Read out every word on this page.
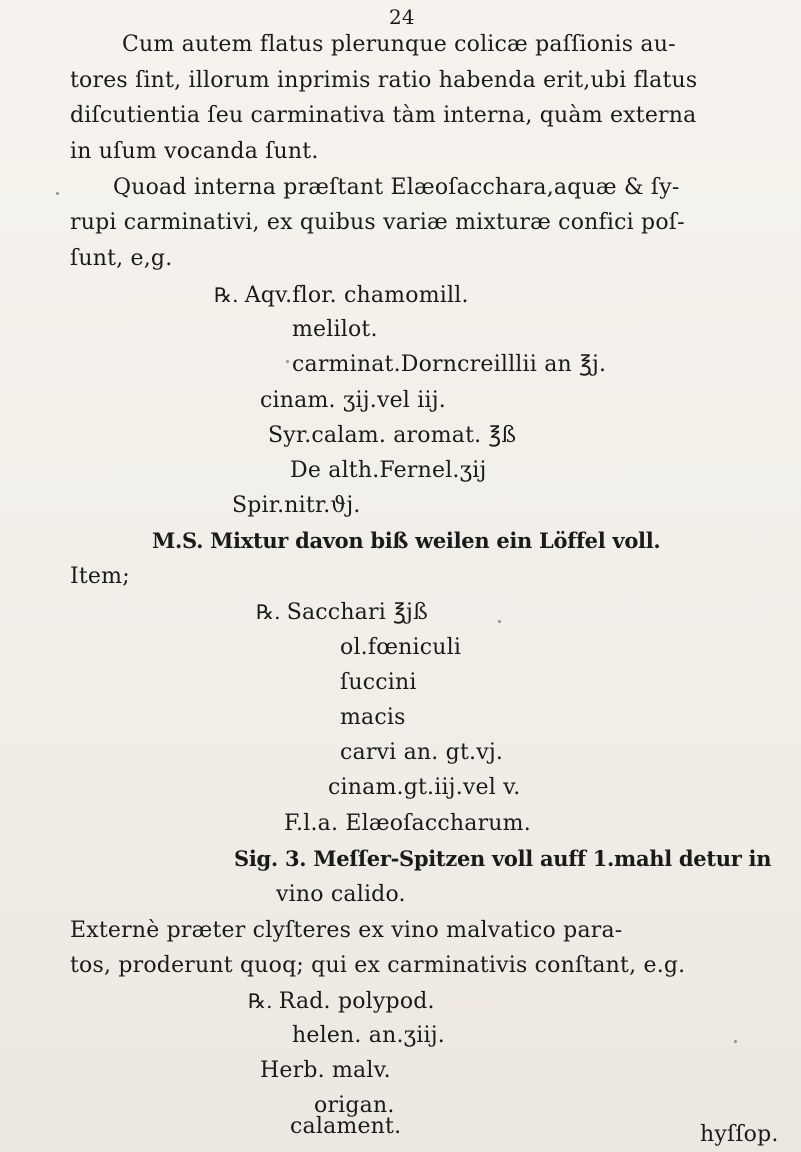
24
Cum autem flatus plerunque colicæ paſſionis au-
tores ſint, illorum inprimis ratio habenda erit,ubi flatus
diſcutientia ſeu carminativa tàm interna, quàm externa
in uſum vocanda ſunt.
Quoad interna præſtant Elæoſacchara,aquæ & ſy-
rupi carminativi, ex quibus variæ mixturæ confici poſ-
ſunt, e,g.
℞. Aqv.flor. chamomill.
melilot.
carminat.Dorncreilllii an ℥j.
cinam. ʒij.vel iij.
Syr.calam. aromat. ℥ß
De alth.Fernel.ʒij
Spir.nitr.ϑj.
M.S. Mixtur davon biß weilen ein Löffel voll.
Item;
℞. Sacchari ℥jß
ol.fœniculi
ſuccini
macis
carvi an. gt.vj.
cinam.gt.iij.vel v.
F.l.a. Elæoſaccharum.
Sig. 3. Meſſer-Spitzen voll auff 1.mahl detur in
vino calido.
Externè præter clyſteres ex vino malvatico para-
tos, proderunt quoq; qui ex carminativis conſtant, e.g.
℞. Rad. polypod.
helen. an.ʒiij.
Herb. malv.
origan.
calament.	hyſſop.
